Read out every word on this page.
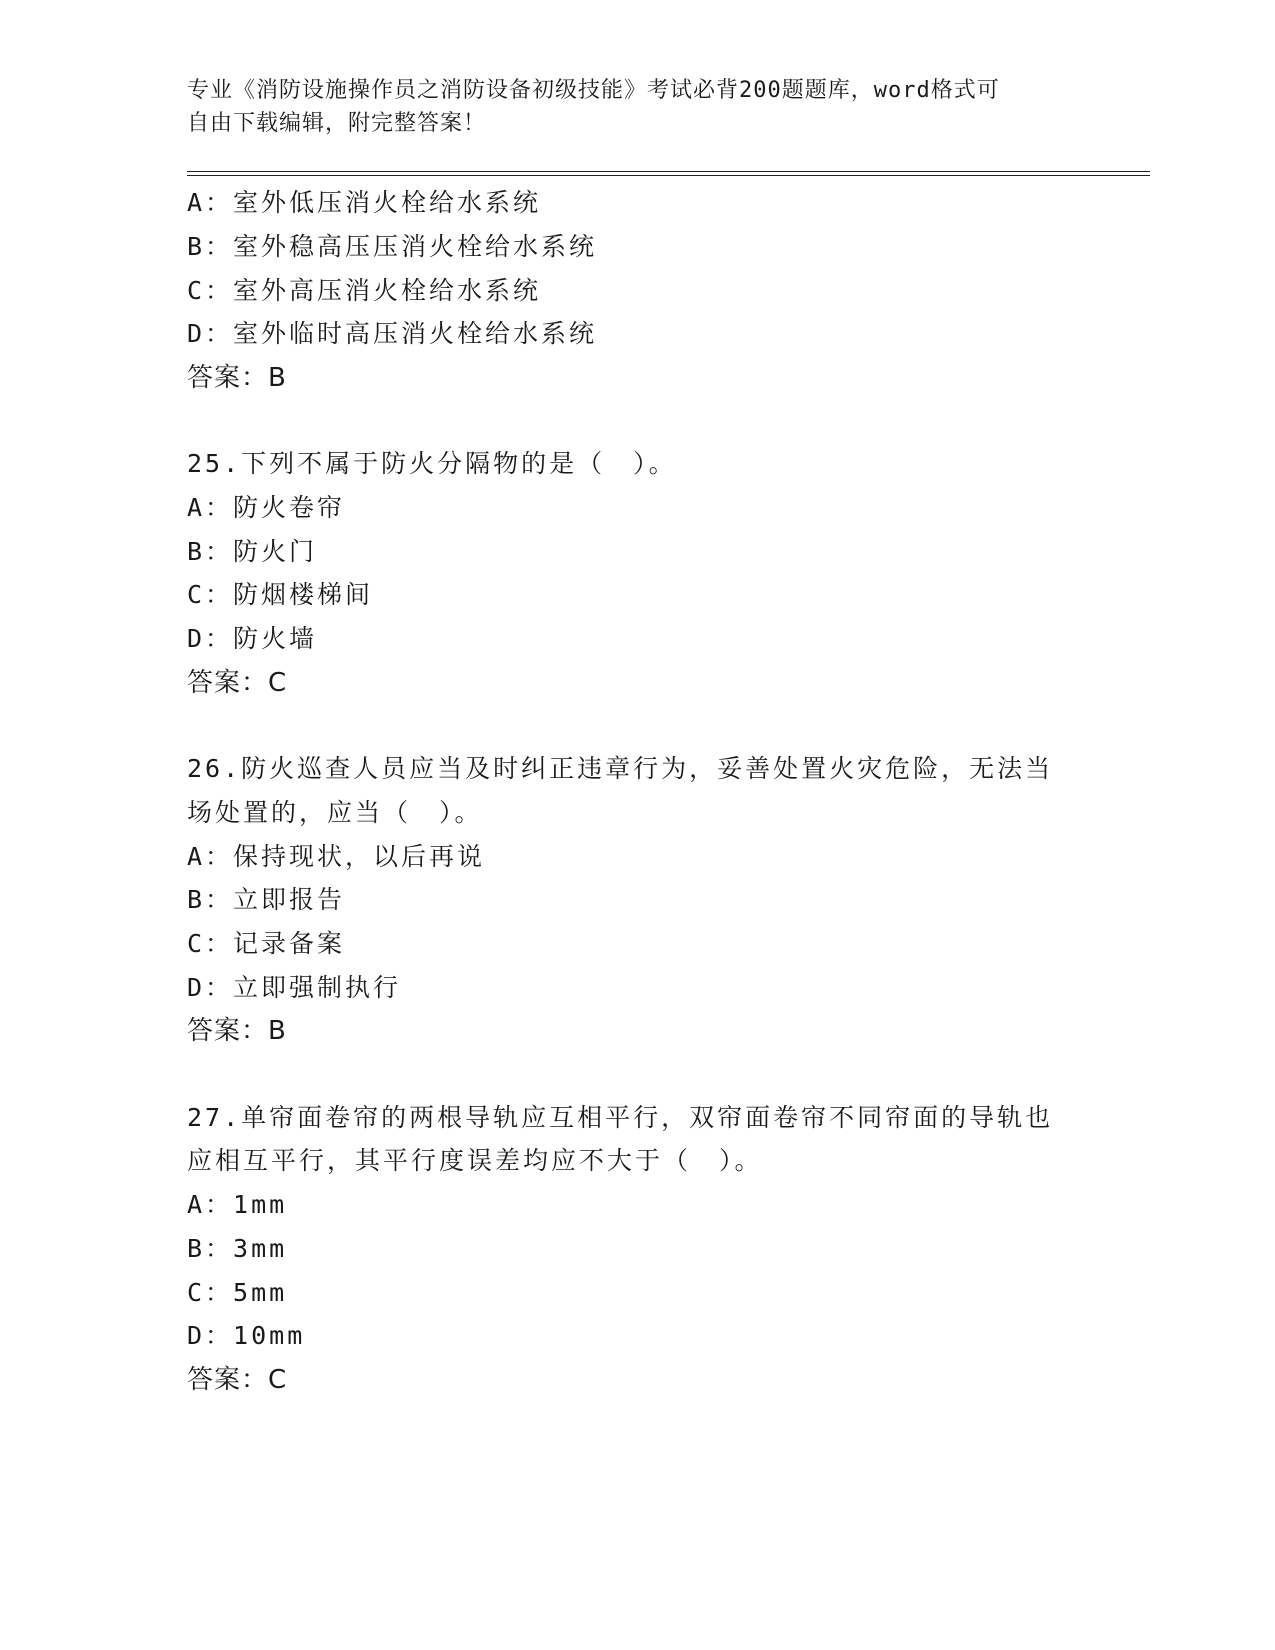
专业《消防设施操作员之消防设备初级技能》考试必背200题题库，word格式可
自由下载编辑，附完整答案！
A：室外低压消火栓给水系统
B：室外稳高压压消火栓给水系统
C：室外高压消火栓给水系统
D：室外临时高压消火栓给水系统
答案：B
25.下列不属于防火分隔物的是（　）。
A：防火卷帘
B：防火门
C：防烟楼梯间
D：防火墙
答案：C
26.防火巡查人员应当及时纠正违章行为，妥善处置火灾危险，无法当
场处置的，应当（　）。
A：保持现状，以后再说
B：立即报告
C：记录备案
D：立即强制执行
答案：B
27.单帘面卷帘的两根导轨应互相平行，双帘面卷帘不同帘面的导轨也
应相互平行，其平行度误差均应不大于（　）。
A：1mm
B：3mm
C：5mm
D：10mm
答案：C
